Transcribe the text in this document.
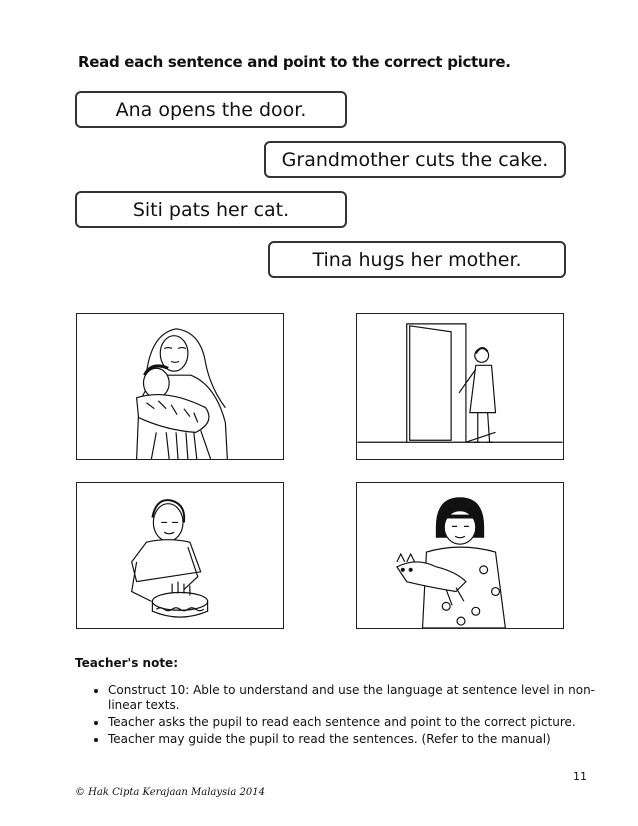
Read each sentence and point to the correct picture.
Ana opens the door.
Grandmother cuts the cake.
Siti pats her cat.
Tina hugs her mother.
Teacher's note:
• Construct 10: Able to understand and use the language at sentence level in non-linear texts.
• Teacher asks the pupil to read each sentence and point to the correct picture.
• Teacher may guide the pupil to read the sentences. (Refer to the manual)
11
© Hak Cipta Kerajaan Malaysia 2014
